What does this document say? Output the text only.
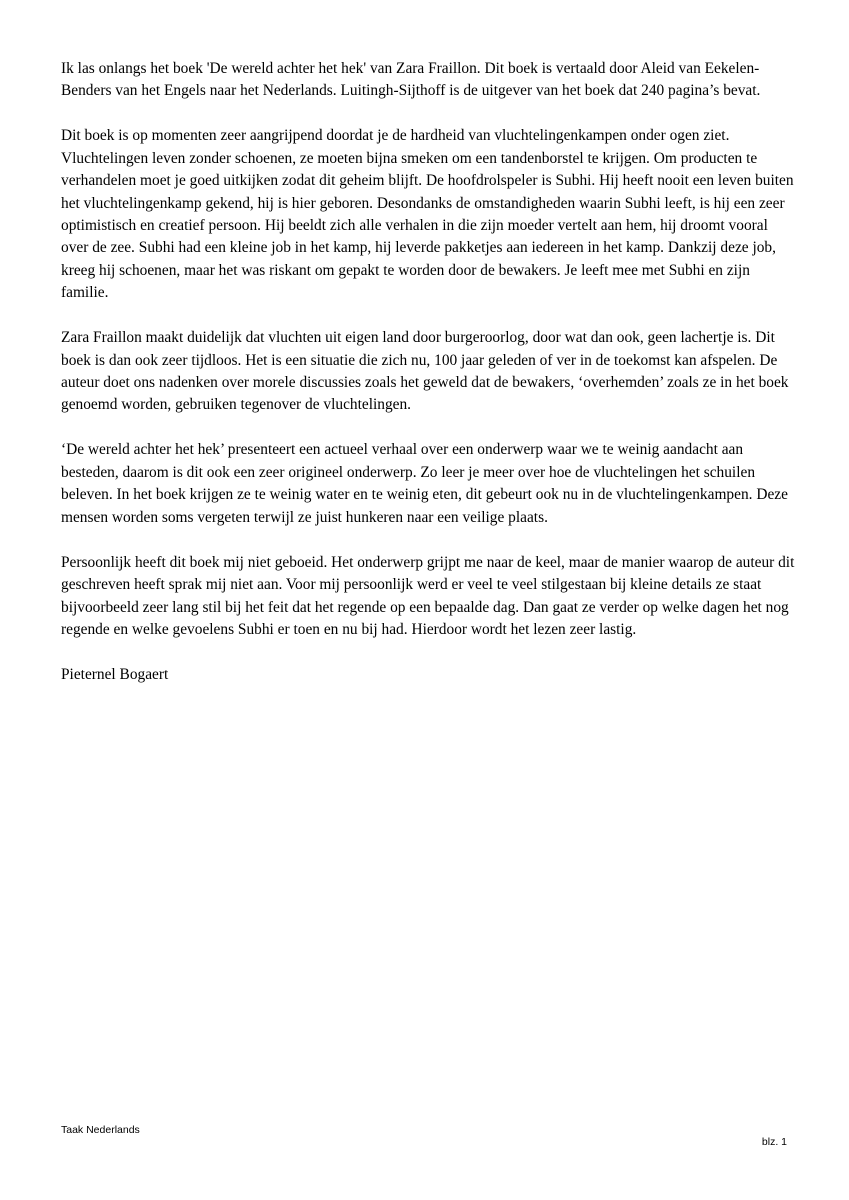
Ik las onlangs het boek 'De wereld achter het hek' van Zara Fraillon. Dit boek is vertaald door Aleid van Eekelen-Benders van het Engels naar het Nederlands. Luitingh-Sijthoff is de uitgever van het boek dat 240 pagina’s bevat.

Dit boek is op momenten zeer aangrijpend doordat je de hardheid van vluchtelingenkampen onder ogen ziet. Vluchtelingen leven zonder schoenen, ze moeten bijna smeken om een tandenborstel te krijgen. Om producten te verhandelen moet je goed uitkijken zodat dit geheim blijft. De hoofdrolspeler is Subhi. Hij heeft nooit een leven buiten het vluchtelingenkamp gekend, hij is hier geboren. Desondanks de omstandigheden waarin Subhi leeft, is hij een zeer optimistisch en creatief persoon. Hij beeldt zich alle verhalen in die zijn moeder vertelt aan hem, hij droomt vooral over de zee. Subhi had een kleine job in het kamp, hij leverde pakketjes aan iedereen in het kamp. Dankzij deze job, kreeg hij schoenen, maar het was riskant om gepakt te worden door de bewakers. Je leeft mee met Subhi en zijn familie.

Zara Fraillon maakt duidelijk dat vluchten uit eigen land door burgeroorlog, door wat dan ook, geen lachertje is. Dit boek is dan ook zeer tijdloos. Het is een situatie die zich nu, 100 jaar geleden of ver in de toekomst kan afspelen. De auteur doet ons nadenken over morele discussies zoals het geweld dat de bewakers, ‘overhemden’ zoals ze in het boek genoemd worden, gebruiken tegenover de vluchtelingen.

‘De wereld achter het hek’ presenteert een actueel verhaal over een onderwerp waar we te weinig aandacht aan besteden, daarom is dit ook een zeer origineel onderwerp. Zo leer je meer over hoe de vluchtelingen het schuilen beleven. In het boek krijgen ze te weinig water en te weinig eten, dit gebeurt ook nu in de vluchtelingenkampen. Deze mensen worden soms vergeten terwijl ze juist hunkeren naar een veilige plaats.

Persoonlijk heeft dit boek mij niet geboeid. Het onderwerp grijpt me naar de keel, maar de manier waarop de auteur dit geschreven heeft sprak mij niet aan. Voor mij persoonlijk werd er veel te veel stilgestaan bij kleine details ze staat bijvoorbeeld zeer lang stil bij het feit dat het regende op een bepaalde dag. Dan gaat ze verder op welke dagen het nog regende en welke gevoelens Subhi er toen en nu bij had. Hierdoor wordt het lezen zeer lastig.

Pieternel Bogaert

Taak Nederlands
blz. 1
